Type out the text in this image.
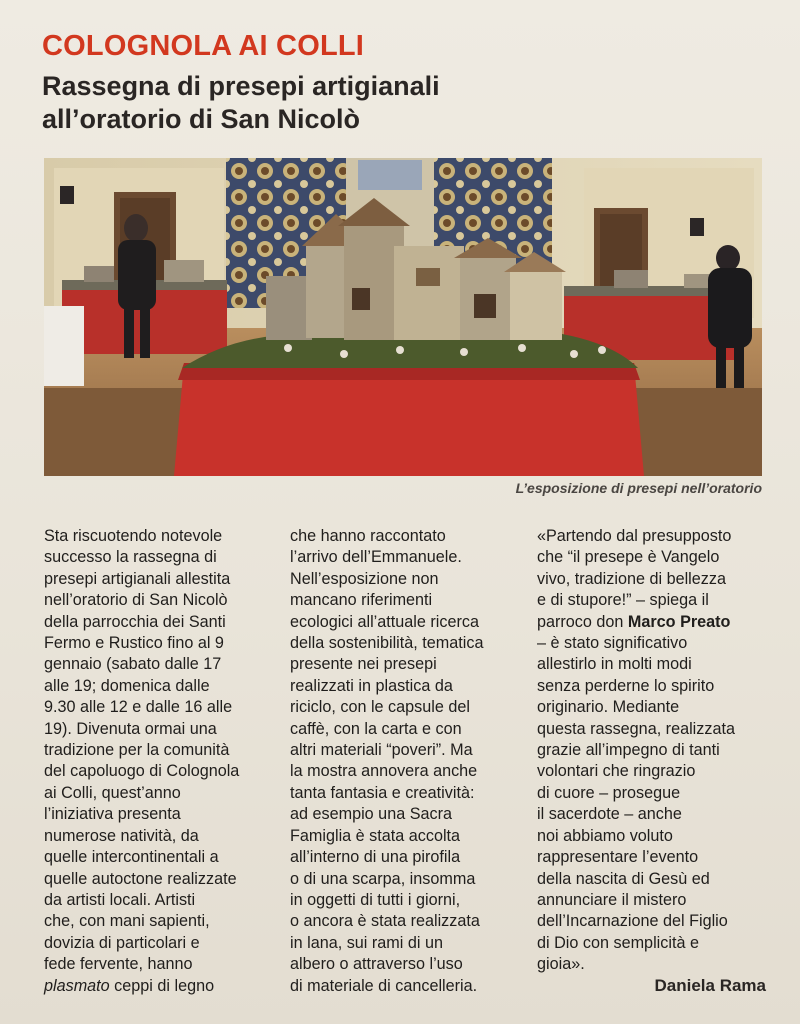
COLOGNOLA AI COLLI
Rassegna di presepi artigianali
all’oratorio di San Nicolò
L’esposizione di presepi nell’oratorio
Sta riscuotendo notevole
successo la rassegna di
presepi artigianali allestita
nell’oratorio di San Nicolò
della parrocchia dei Santi
Fermo e Rustico fino al 9
gennaio (sabato dalle 17
alle 19; domenica dalle
9.30 alle 12 e dalle 16 alle
19). Divenuta ormai una
tradizione per la comunità
del capoluogo di Colognola
ai Colli, quest’anno
l’iniziativa presenta
numerose natività, da
quelle intercontinentali a
quelle autoctone realizzate
da artisti locali. Artisti
che, con mani sapienti,
dovizia di particolari e
fede fervente, hanno
plasmato ceppi di legno
che hanno raccontato
l’arrivo dell’Emmanuele.
Nell’esposizione non
mancano riferimenti
ecologici all’attuale ricerca
della sostenibilità, tematica
presente nei presepi
realizzati in plastica da
riciclo, con le capsule del
caffè, con la carta e con
altri materiali “poveri”. Ma
la mostra annovera anche
tanta fantasia e creatività:
ad esempio una Sacra
Famiglia è stata accolta
all’interno di una pirofila
o di una scarpa, insomma
in oggetti di tutti i giorni,
o ancora è stata realizzata
in lana, sui rami di un
albero o attraverso l’uso
di materiale di cancelleria.
«Partendo dal presupposto
che “il presepe è Vangelo
vivo, tradizione di bellezza
e di stupore!” – spiega il
parroco don Marco Preato
– è stato significativo
allestirlo in molti modi
senza perderne lo spirito
originario. Mediante
questa rassegna, realizzata
grazie all’impegno di tanti
volontari che ringrazio
di cuore – prosegue
il sacerdote – anche
noi abbiamo voluto
rappresentare l’evento
della nascita di Gesù ed
annunciare il mistero
dell’Incarnazione del Figlio
di Dio con semplicità e
gioia».
Daniela Rama
